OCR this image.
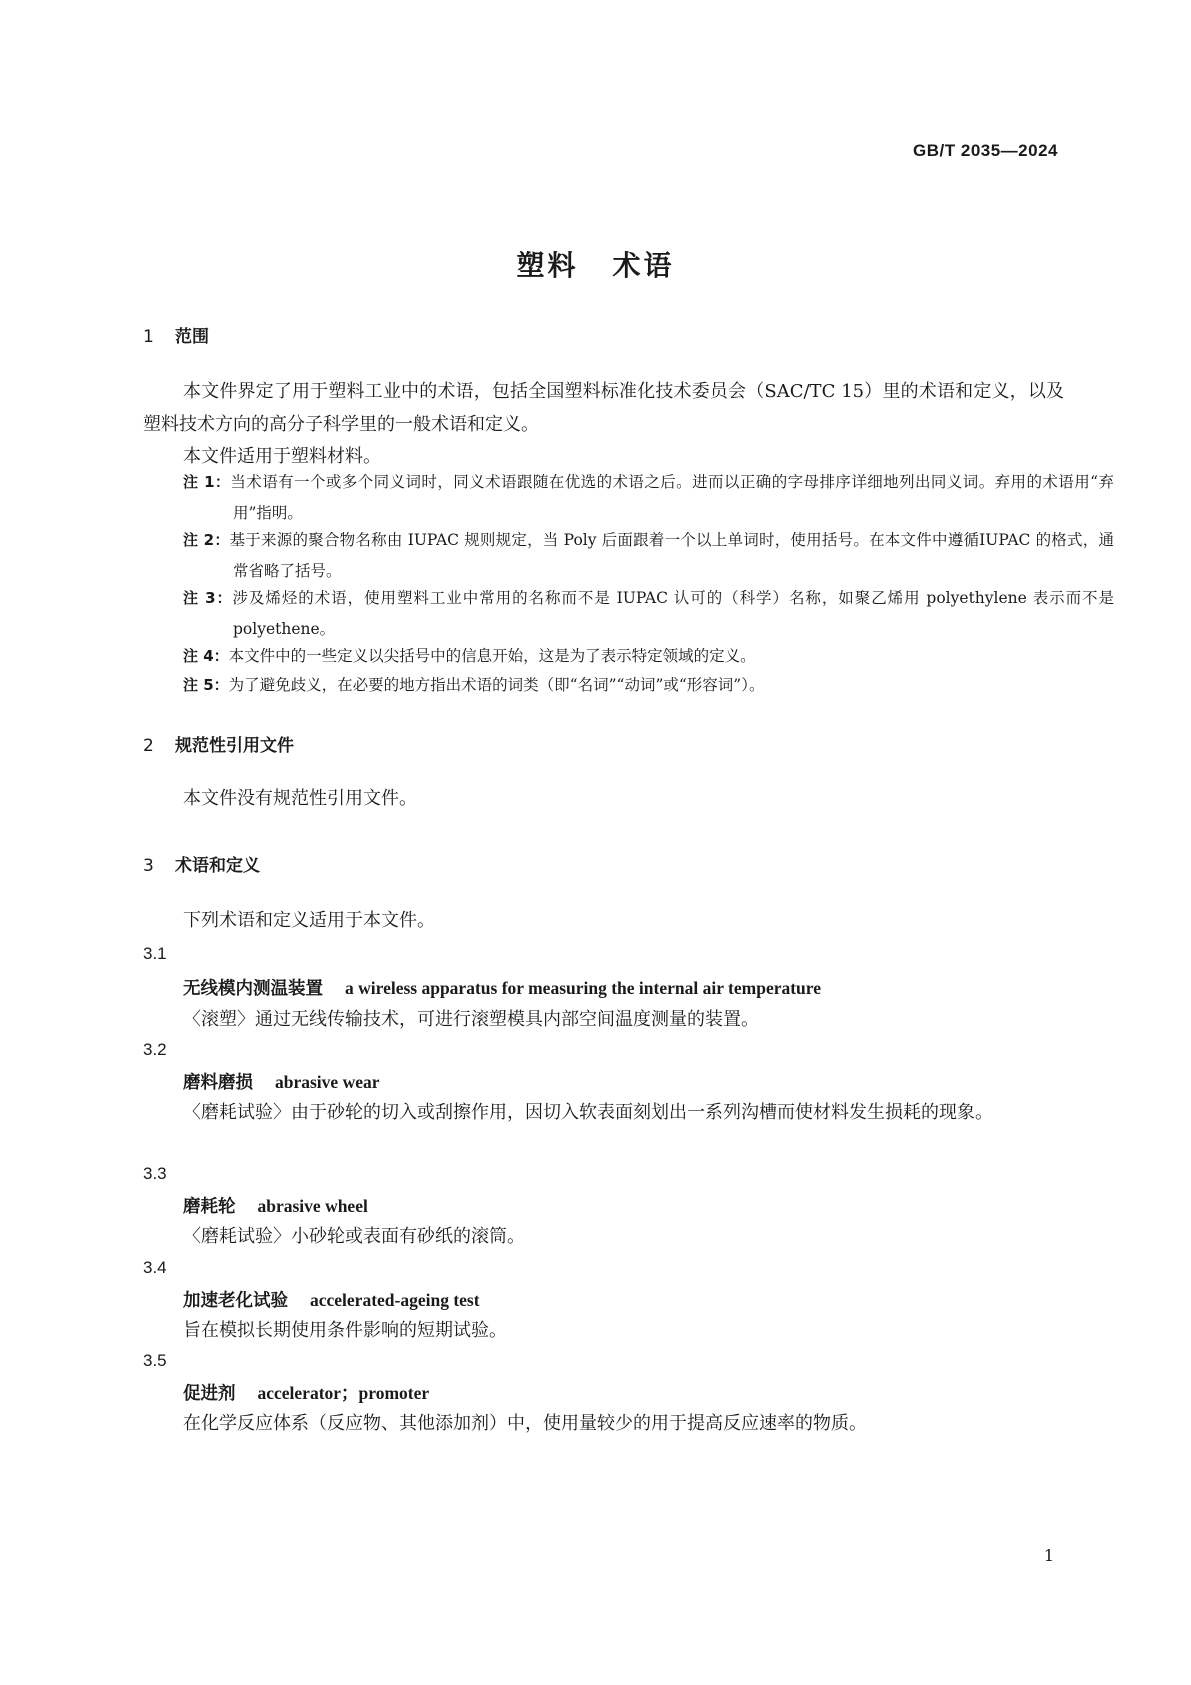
GB/T 2035—2024
塑料 术语
1 范围
本文件界定了用于塑料工业中的术语，包括全国塑料标准化技术委员会（SAC/TC 15）里的术语和定义，以及塑料技术方向的高分子科学里的一般术语和定义。
本文件适用于塑料材料。
注 1：当术语有一个或多个同义词时，同义术语跟随在优选的术语之后。进而以正确的字母排序详细地列出同义词。弃用的术语用“弃用”指明。
注 2：基于来源的聚合物名称由 IUPAC 规则规定，当 Poly 后面跟着一个以上单词时，使用括号。在本文件中遵循IUPAC 的格式，通常省略了括号。
注 3：涉及烯烃的术语，使用塑料工业中常用的名称而不是 IUPAC 认可的（科学）名称，如聚乙烯用 polyethylene 表示而不是 polyethene。
注 4：本文件中的一些定义以尖括号中的信息开始，这是为了表示特定领域的定义。
注 5：为了避免歧义，在必要的地方指出术语的词类（即“名词”“动词”或“形容词”）。
2 规范性引用文件
本文件没有规范性引用文件。
3 术语和定义
下列术语和定义适用于本文件。
3.1
无线模内测温装置 a wireless apparatus for measuring the internal air temperature
〈滚塑〉通过无线传输技术，可进行滚塑模具内部空间温度测量的装置。
3.2
磨料磨损 abrasive wear
〈磨耗试验〉由于砂轮的切入或刮擦作用，因切入软表面刻划出一系列沟槽而使材料发生损耗的现象。
3.3
磨耗轮 abrasive wheel
〈磨耗试验〉小砂轮或表面有砂纸的滚筒。
3.4
加速老化试验 accelerated-ageing test
旨在模拟长期使用条件影响的短期试验。
3.5
促进剂 accelerator；promoter
在化学反应体系（反应物、其他添加剂）中，使用量较少的用于提高反应速率的物质。
1
